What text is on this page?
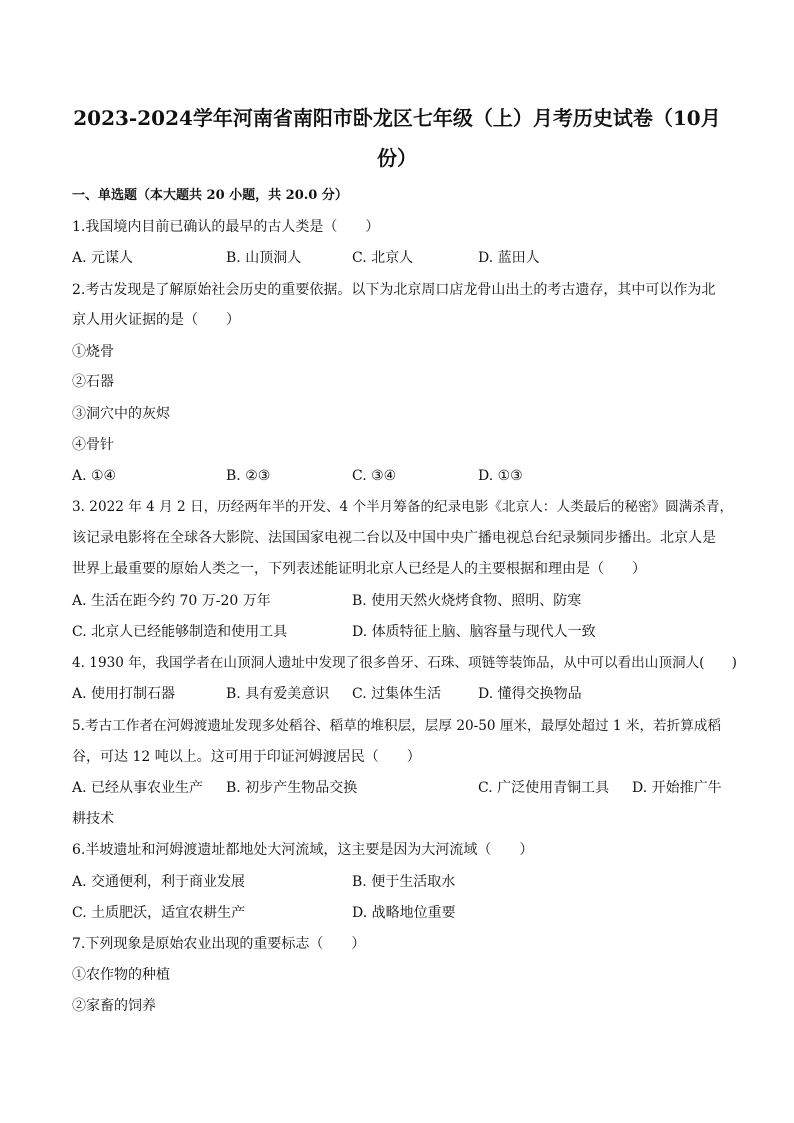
2023-2024学年河南省南阳市卧龙区七年级（上）月考历史试卷（10月
份）
一、单选题（本大题共 20 小题，共 20.0 分）
1.我国境内目前已确认的最早的古人类是（　　）
A. 元谋人	B. 山顶洞人	C. 北京人	D. 蓝田人
2.考古发现是了解原始社会历史的重要依据。以下为北京周口店龙骨山出土的考古遗存，其中可以作为北
京人用火证据的是（　　）
①烧骨
②石器
③洞穴中的灰烬
④骨针
A. ①④	B. ②③	C. ③④	D. ①③
3. 2022 年 4 月 2 日，历经两年半的开发、4 个半月筹备的纪录电影《北京人：人类最后的秘密》圆满杀青，
该记录电影将在全球各大影院、法国国家电视二台以及中国中央广播电视总台纪录频同步播出。北京人是
世界上最重要的原始人类之一，下列表述能证明北京人已经是人的主要根据和理由是（　　）
A. 生活在距今约 70 万-20 万年	B. 使用天然火烧烤食物、照明、防寒
C. 北京人已经能够制造和使用工具	D. 体质特征上脑、脑容量与现代人一致
4. 1930 年，我国学者在山顶洞人遗址中发现了很多兽牙、石珠、项链等装饰品，从中可以看出山顶洞人(　　)
A. 使用打制石器	B. 具有爱美意识 C. 过集体生活	D. 懂得交换物品
5.考古工作者在河姆渡遗址发现多处稻谷、稻草的堆积层，层厚 20-50 厘米，最厚处超过 1 米，若折算成稻
谷，可达 12 吨以上。这可用于印证河姆渡居民（　　）
A. 已经从事农业生产 B. 初步产生物品交换	C. 广泛使用青铜工具 D. 开始推广牛
耕技术
6.半坡遗址和河姆渡遗址都地处大河流域，这主要是因为大河流域（　　）
A. 交通便利，利于商业发展	B. 便于生活取水
C. 土质肥沃，适宜农耕生产	D. 战略地位重要
7.下列现象是原始农业出现的重要标志（　　）
①农作物的种植
②家畜的饲养
